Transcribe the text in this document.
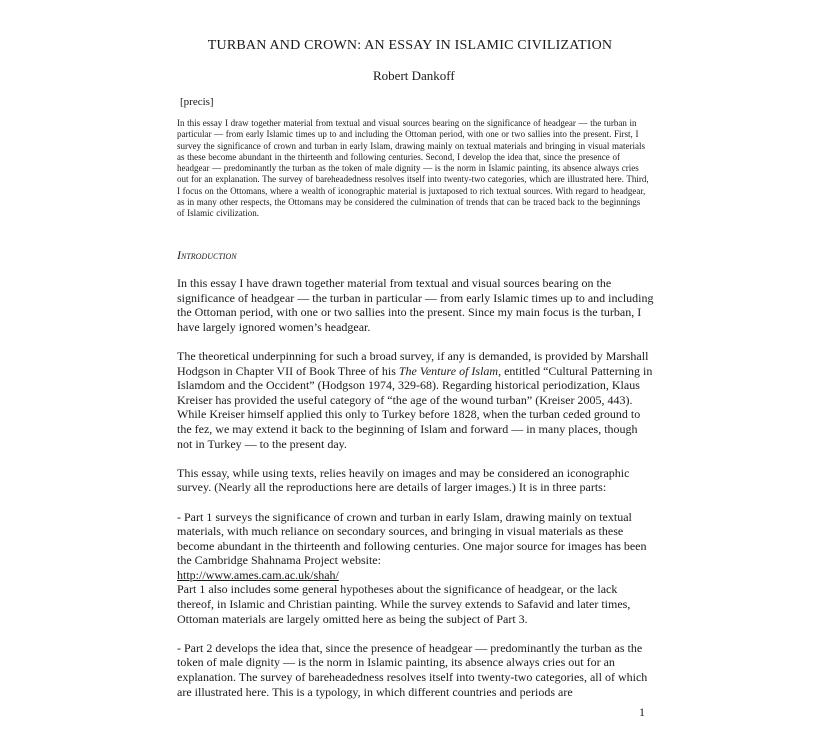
TURBAN AND CROWN: AN ESSAY IN ISLAMIC CIVILIZATION
Robert Dankoff
[precis]
In this essay I draw together material from textual and visual sources bearing on the significance of headgear — the turban in particular — from early Islamic times up to and including the Ottoman period, with one or two sallies into the present. First, I survey the significance of crown and turban in early Islam, drawing mainly on textual materials and bringing in visual materials as these become abundant in the thirteenth and following centuries. Second, I develop the idea that, since the presence of headgear — predominantly the turban as the token of male dignity — is the norm in Islamic painting, its absence always cries out for an explanation. The survey of bareheadedness resolves itself into twenty-two categories, which are illustrated here. Third, I focus on the Ottomans, where a wealth of iconographic material is juxtaposed to rich textual sources. With regard to headgear, as in many other respects, the Ottomans may be considered the culmination of trends that can be traced back to the beginnings of Islamic civilization.
Introduction

In this essay I have drawn together material from textual and visual sources bearing on the significance of headgear — the turban in particular — from early Islamic times up to and including the Ottoman period, with one or two sallies into the present. Since my main focus is the turban, I have largely ignored women’s headgear.

The theoretical underpinning for such a broad survey, if any is demanded, is provided by Marshall Hodgson in Chapter VII of Book Three of his The Venture of Islam, entitled “Cultural Patterning in Islamdom and the Occident” (Hodgson 1974, 329-68). Regarding historical periodization, Klaus Kreiser has provided the useful category of “the age of the wound turban” (Kreiser 2005, 443). While Kreiser himself applied this only to Turkey before 1828, when the turban ceded ground to the fez, we may extend it back to the beginning of Islam and forward — in many places, though not in Turkey — to the present day.

This essay, while using texts, relies heavily on images and may be considered an iconographic survey. (Nearly all the reproductions here are details of larger images.) It is in three parts:

- Part 1 surveys the significance of crown and turban in early Islam, drawing mainly on textual materials, with much reliance on secondary sources, and bringing in visual materials as these become abundant in the thirteenth and following centuries. One major source for images has been the Cambridge Shahnama Project website:
http://www.ames.cam.ac.uk/shah/
Part 1 also includes some general hypotheses about the significance of headgear, or the lack thereof, in Islamic and Christian painting. While the survey extends to Safavid and later times, Ottoman materials are largely omitted here as being the subject of Part 3.

- Part 2 develops the idea that, since the presence of headgear — predominantly the turban as the token of male dignity — is the norm in Islamic painting, its absence always cries out for an explanation. The survey of bareheadedness resolves itself into twenty-two categories, all of which are illustrated here. This is a typology, in which different countries and periods are

1
